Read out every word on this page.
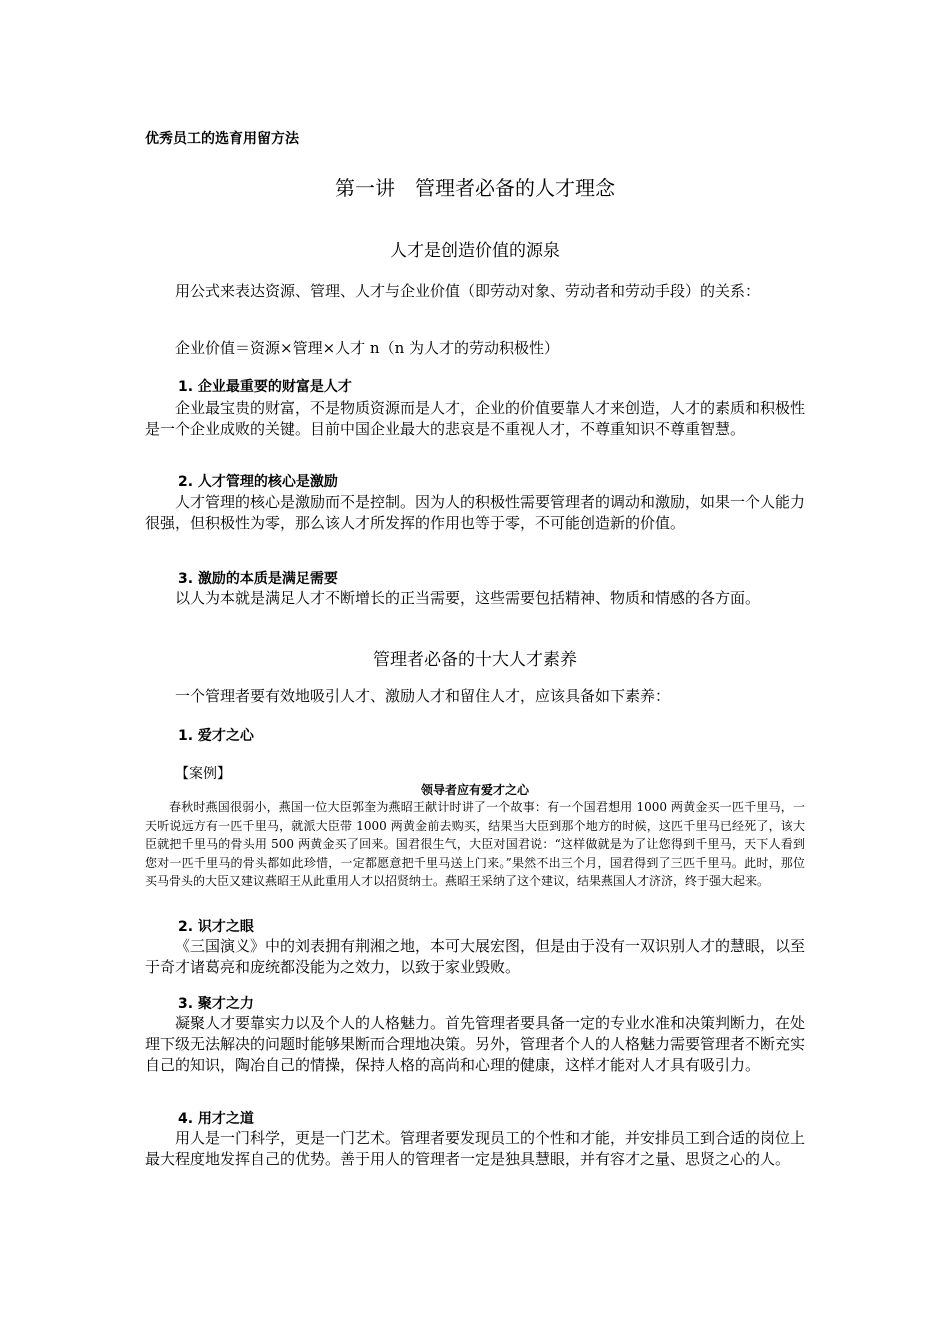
优秀员工的选育用留方法
第一讲　管理者必备的人才理念
人才是创造价值的源泉

用公式来表达资源、管理、人才与企业价值（即劳动对象、劳动者和劳动手段）的关系：

企业价值＝资源×管理×人才 n（n 为人才的劳动积极性）

1. 企业最重要的财富是人才

企业最宝贵的财富，不是物质资源而是人才，企业的价值要靠人才来创造，人才的素质和积极性是一个企业成败的关键。目前中国企业最大的悲哀是不重视人才，不尊重知识不尊重智慧。

2. 人才管理的核心是激励

人才管理的核心是激励而不是控制。因为人的积极性需要管理者的调动和激励，如果一个人能力很强，但积极性为零，那么该人才所发挥的作用也等于零，不可能创造新的价值。

3. 激励的本质是满足需要

以人为本就是满足人才不断增长的正当需要，这些需要包括精神、物质和情感的各方面。

管理者必备的十大人才素养

一个管理者要有效地吸引人才、激励人才和留住人才，应该具备如下素养：

1. 爱才之心
【案例】
领导者应有爱才之心

春秋时燕国很弱小，燕国一位大臣郭奎为燕昭王献计时讲了一个故事：有一个国君想用 1000 两黄金买一匹千里马，一天听说远方有一匹千里马，就派大臣带 1000 两黄金前去购买，结果当大臣到那个地方的时候，这匹千里马已经死了，该大臣就把千里马的骨头用 500 两黄金买了回来。国君很生气，大臣对国君说：“这样做就是为了让您得到千里马，天下人看到您对一匹千里马的骨头都如此珍惜，一定都愿意把千里马送上门来。”果然不出三个月，国君得到了三匹千里马。此时，那位买马骨头的大臣又建议燕昭王从此重用人才以招贤纳士。燕昭王采纳了这个建议，结果燕国人才济济，终于强大起来。

2. 识才之眼

《三国演义》中的刘表拥有荆湘之地，本可大展宏图，但是由于没有一双识别人才的慧眼，以至于奇才诸葛亮和庞统都没能为之效力，以致于家业毁败。

3. 聚才之力

凝聚人才要靠实力以及个人的人格魅力。首先管理者要具备一定的专业水准和决策判断力，在处理下级无法解决的问题时能够果断而合理地决策。另外，管理者个人的人格魅力需要管理者不断充实自己的知识，陶冶自己的情操，保持人格的高尚和心理的健康，这样才能对人才具有吸引力。

4. 用才之道

用人是一门科学，更是一门艺术。管理者要发现员工的个性和才能，并安排员工到合适的岗位上最大程度地发挥自己的优势。善于用人的管理者一定是独具慧眼，并有容才之量、思贤之心的人。
